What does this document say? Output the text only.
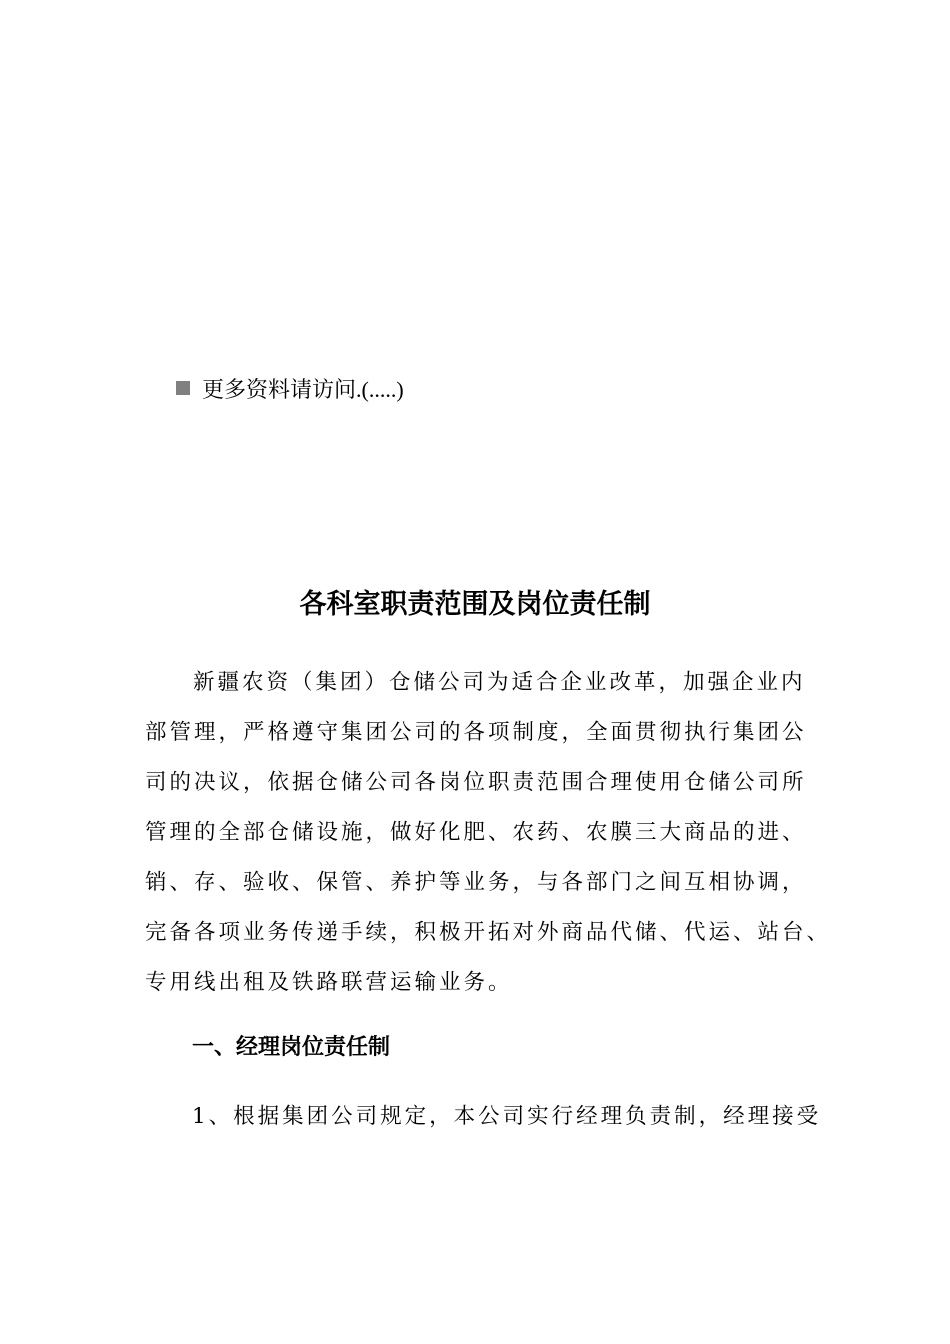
更多资料请访问.(.....)
各科室职责范围及岗位责任制
新疆农资（集团）仓储公司为适合企业改革，加强企业内
部管理，严格遵守集团公司的各项制度，全面贯彻执行集团公
司的决议，依据仓储公司各岗位职责范围合理使用仓储公司所
管理的全部仓储设施，做好化肥、农药、农膜三大商品的进、
销、存、验收、保管、养护等业务，与各部门之间互相协调，
完备各项业务传递手续，积极开拓对外商品代储、代运、站台、
专用线出租及铁路联营运输业务。
一、经理岗位责任制
1、根据集团公司规定，本公司实行经理负责制，经理接受
